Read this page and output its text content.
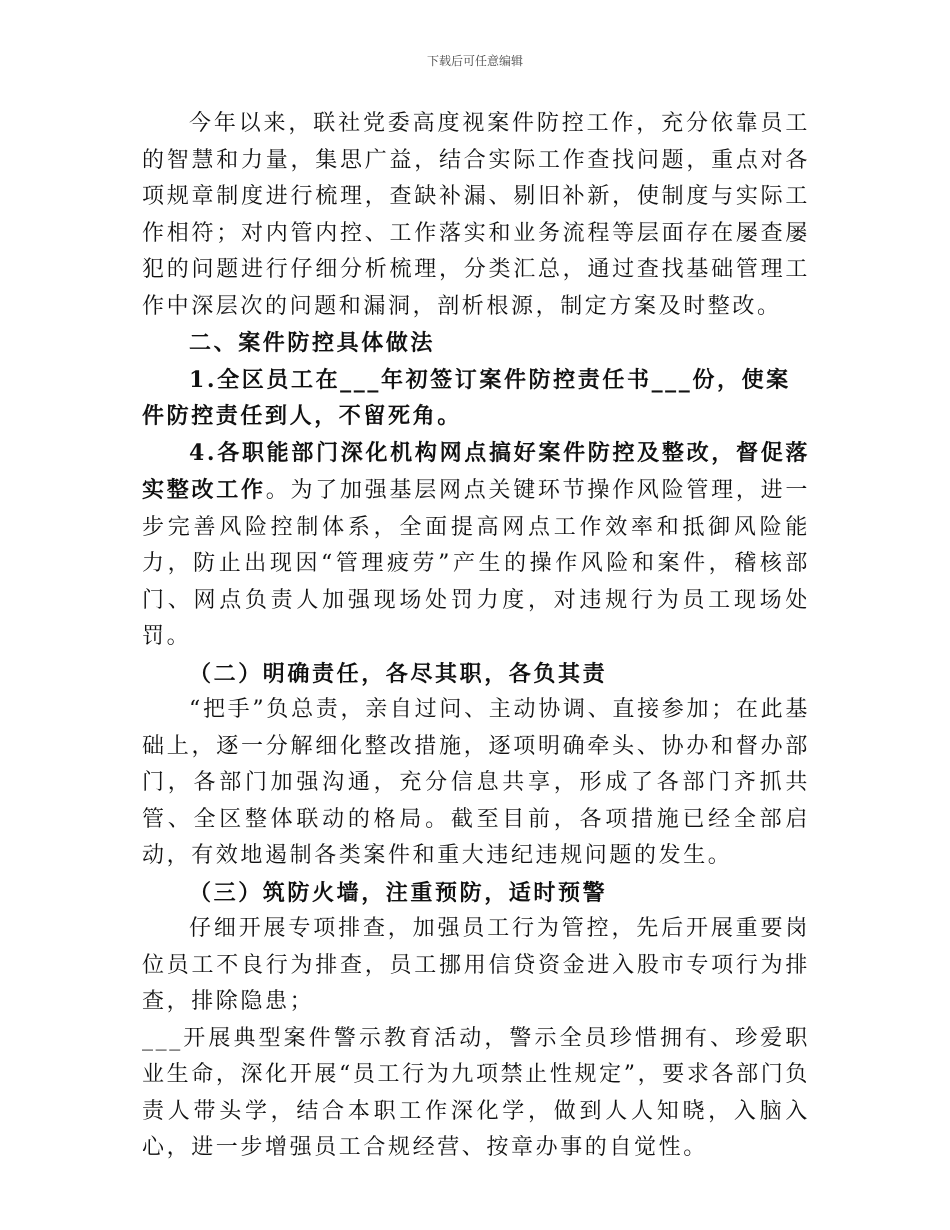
下载后可任意编辑

今年以来，联社党委高度视案件防控工作，充分依靠员工的智慧和力量，集思广益，结合实际工作查找问题，重点对各项规章制度进行梳理，查缺补漏、剔旧补新，使制度与实际工作相符；对内管内控、工作落实和业务流程等层面存在屡查屡犯的问题进行仔细分析梳理，分类汇总，通过查找基础管理工作中深层次的问题和漏洞，剖析根源，制定方案及时整改。

二、案件防控具体做法

1.全区员工在___年初签订案件防控责任书___份，使案件防控责任到人，不留死角。

4.各职能部门深化机构网点搞好案件防控及整改，督促落实整改工作。为了加强基层网点关键环节操作风险管理，进一步完善风险控制体系，全面提高网点工作效率和抵御风险能力，防止出现因“管理疲劳”产生的操作风险和案件，稽核部门、网点负责人加强现场处罚力度，对违规行为员工现场处罚。

（二）明确责任，各尽其职，各负其责

“把手”负总责，亲自过问、主动协调、直接参加；在此基础上，逐一分解细化整改措施，逐项明确牵头、协办和督办部门，各部门加强沟通，充分信息共享，形成了各部门齐抓共管、全区整体联动的格局。截至目前，各项措施已经全部启动，有效地遏制各类案件和重大违纪违规问题的发生。

（三）筑防火墙，注重预防，适时预警

仔细开展专项排查，加强员工行为管控，先后开展重要岗位员工不良行为排查，员工挪用信贷资金进入股市专项行为排查，排除隐患；

___开展典型案件警示教育活动，警示全员珍惜拥有、珍爱职业生命，深化开展“员工行为九项禁止性规定”，要求各部门负责人带头学，结合本职工作深化学，做到人人知晓，入脑入心，进一步增强员工合规经营、按章办事的自觉性。
